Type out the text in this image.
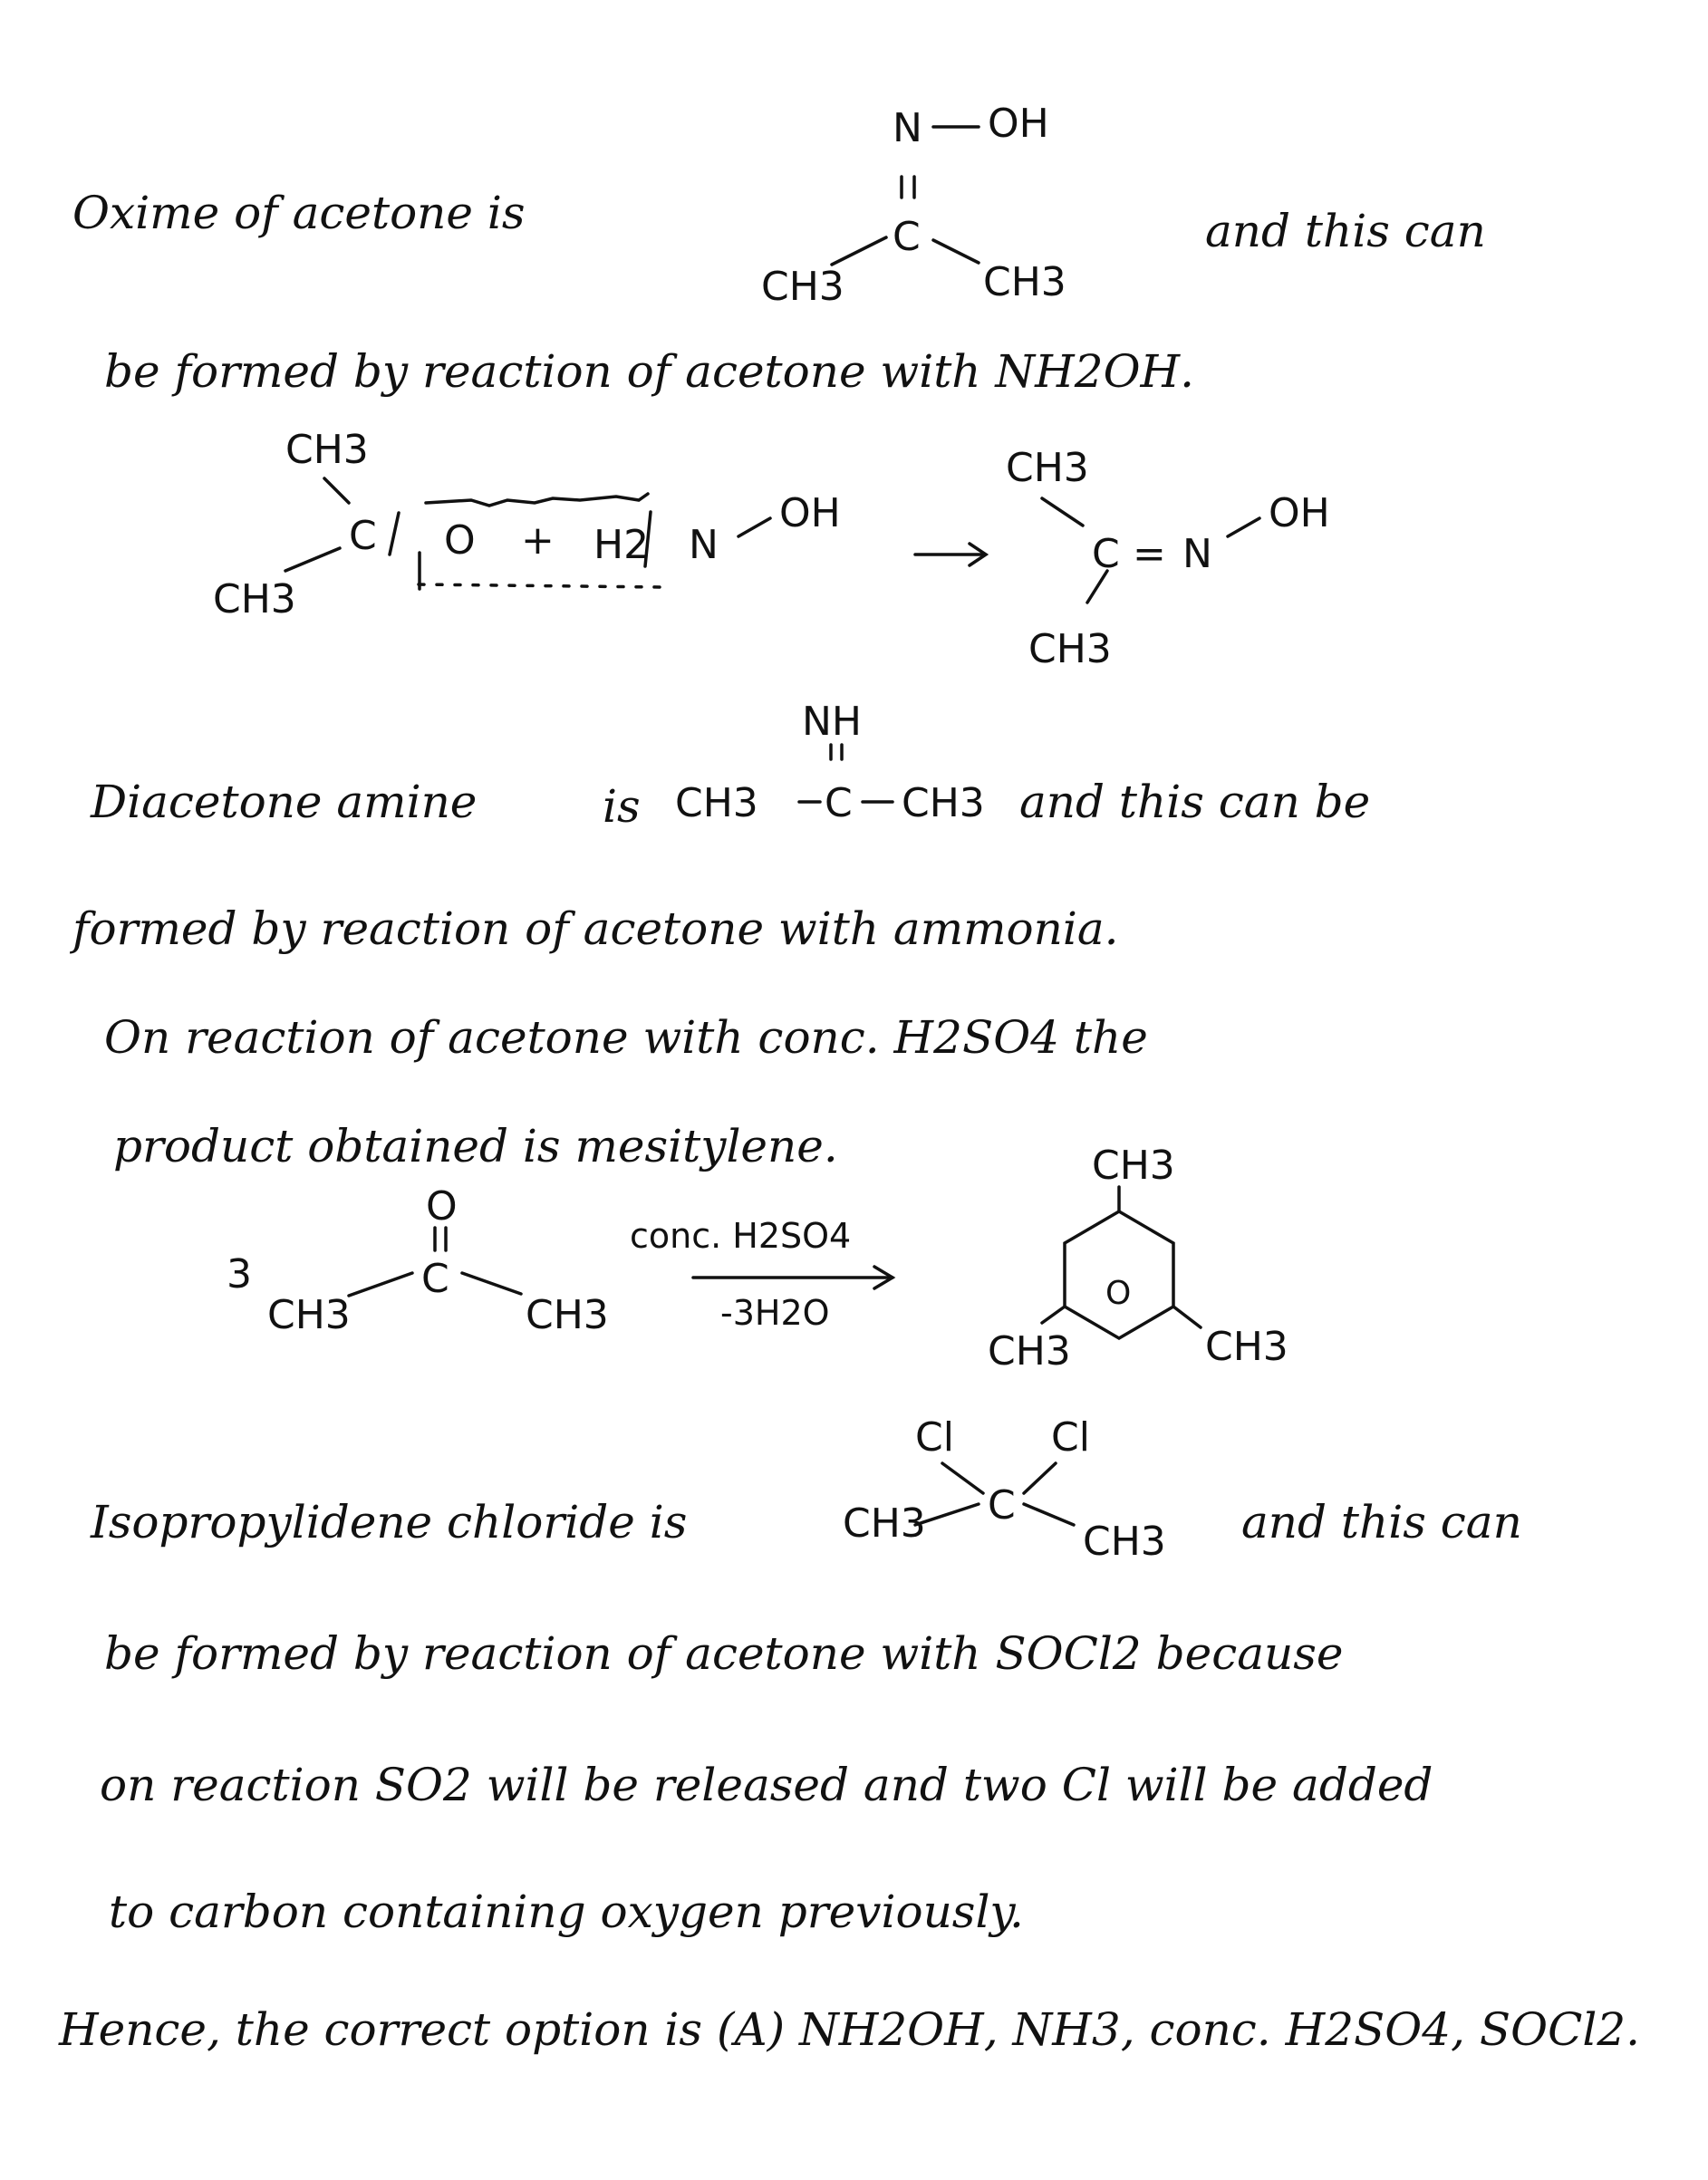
Oxime of acetone is	and this can
be formed by reaction of acetone with NH2OH.
N OH
C
CH3	CH3
CH3
C O
CH3
+ H2 N
OH
CH3
C = N
OH
CH3
NH
Diacetone amine	is CH3 C CH3 and this can be
formed by reaction of acetone with ammonia.
On reaction of acetone with conc. H2SO4 the
product obtained is mesitylene.
3
O
C
CH3	CH3
conc. H2SO4
-3H2O
CH3
O
CH3	CH3
Cl Cl
Isopropylidene chloride is	CH3 C
CH3 and this can
be formed by reaction of acetone with SOCl2 because
on reaction SO2 will be released and two Cl will be added
to carbon containing oxygen previously.
Hence, the correct option is (A) NH2OH, NH3, conc. H2SO4, SOCl2.
